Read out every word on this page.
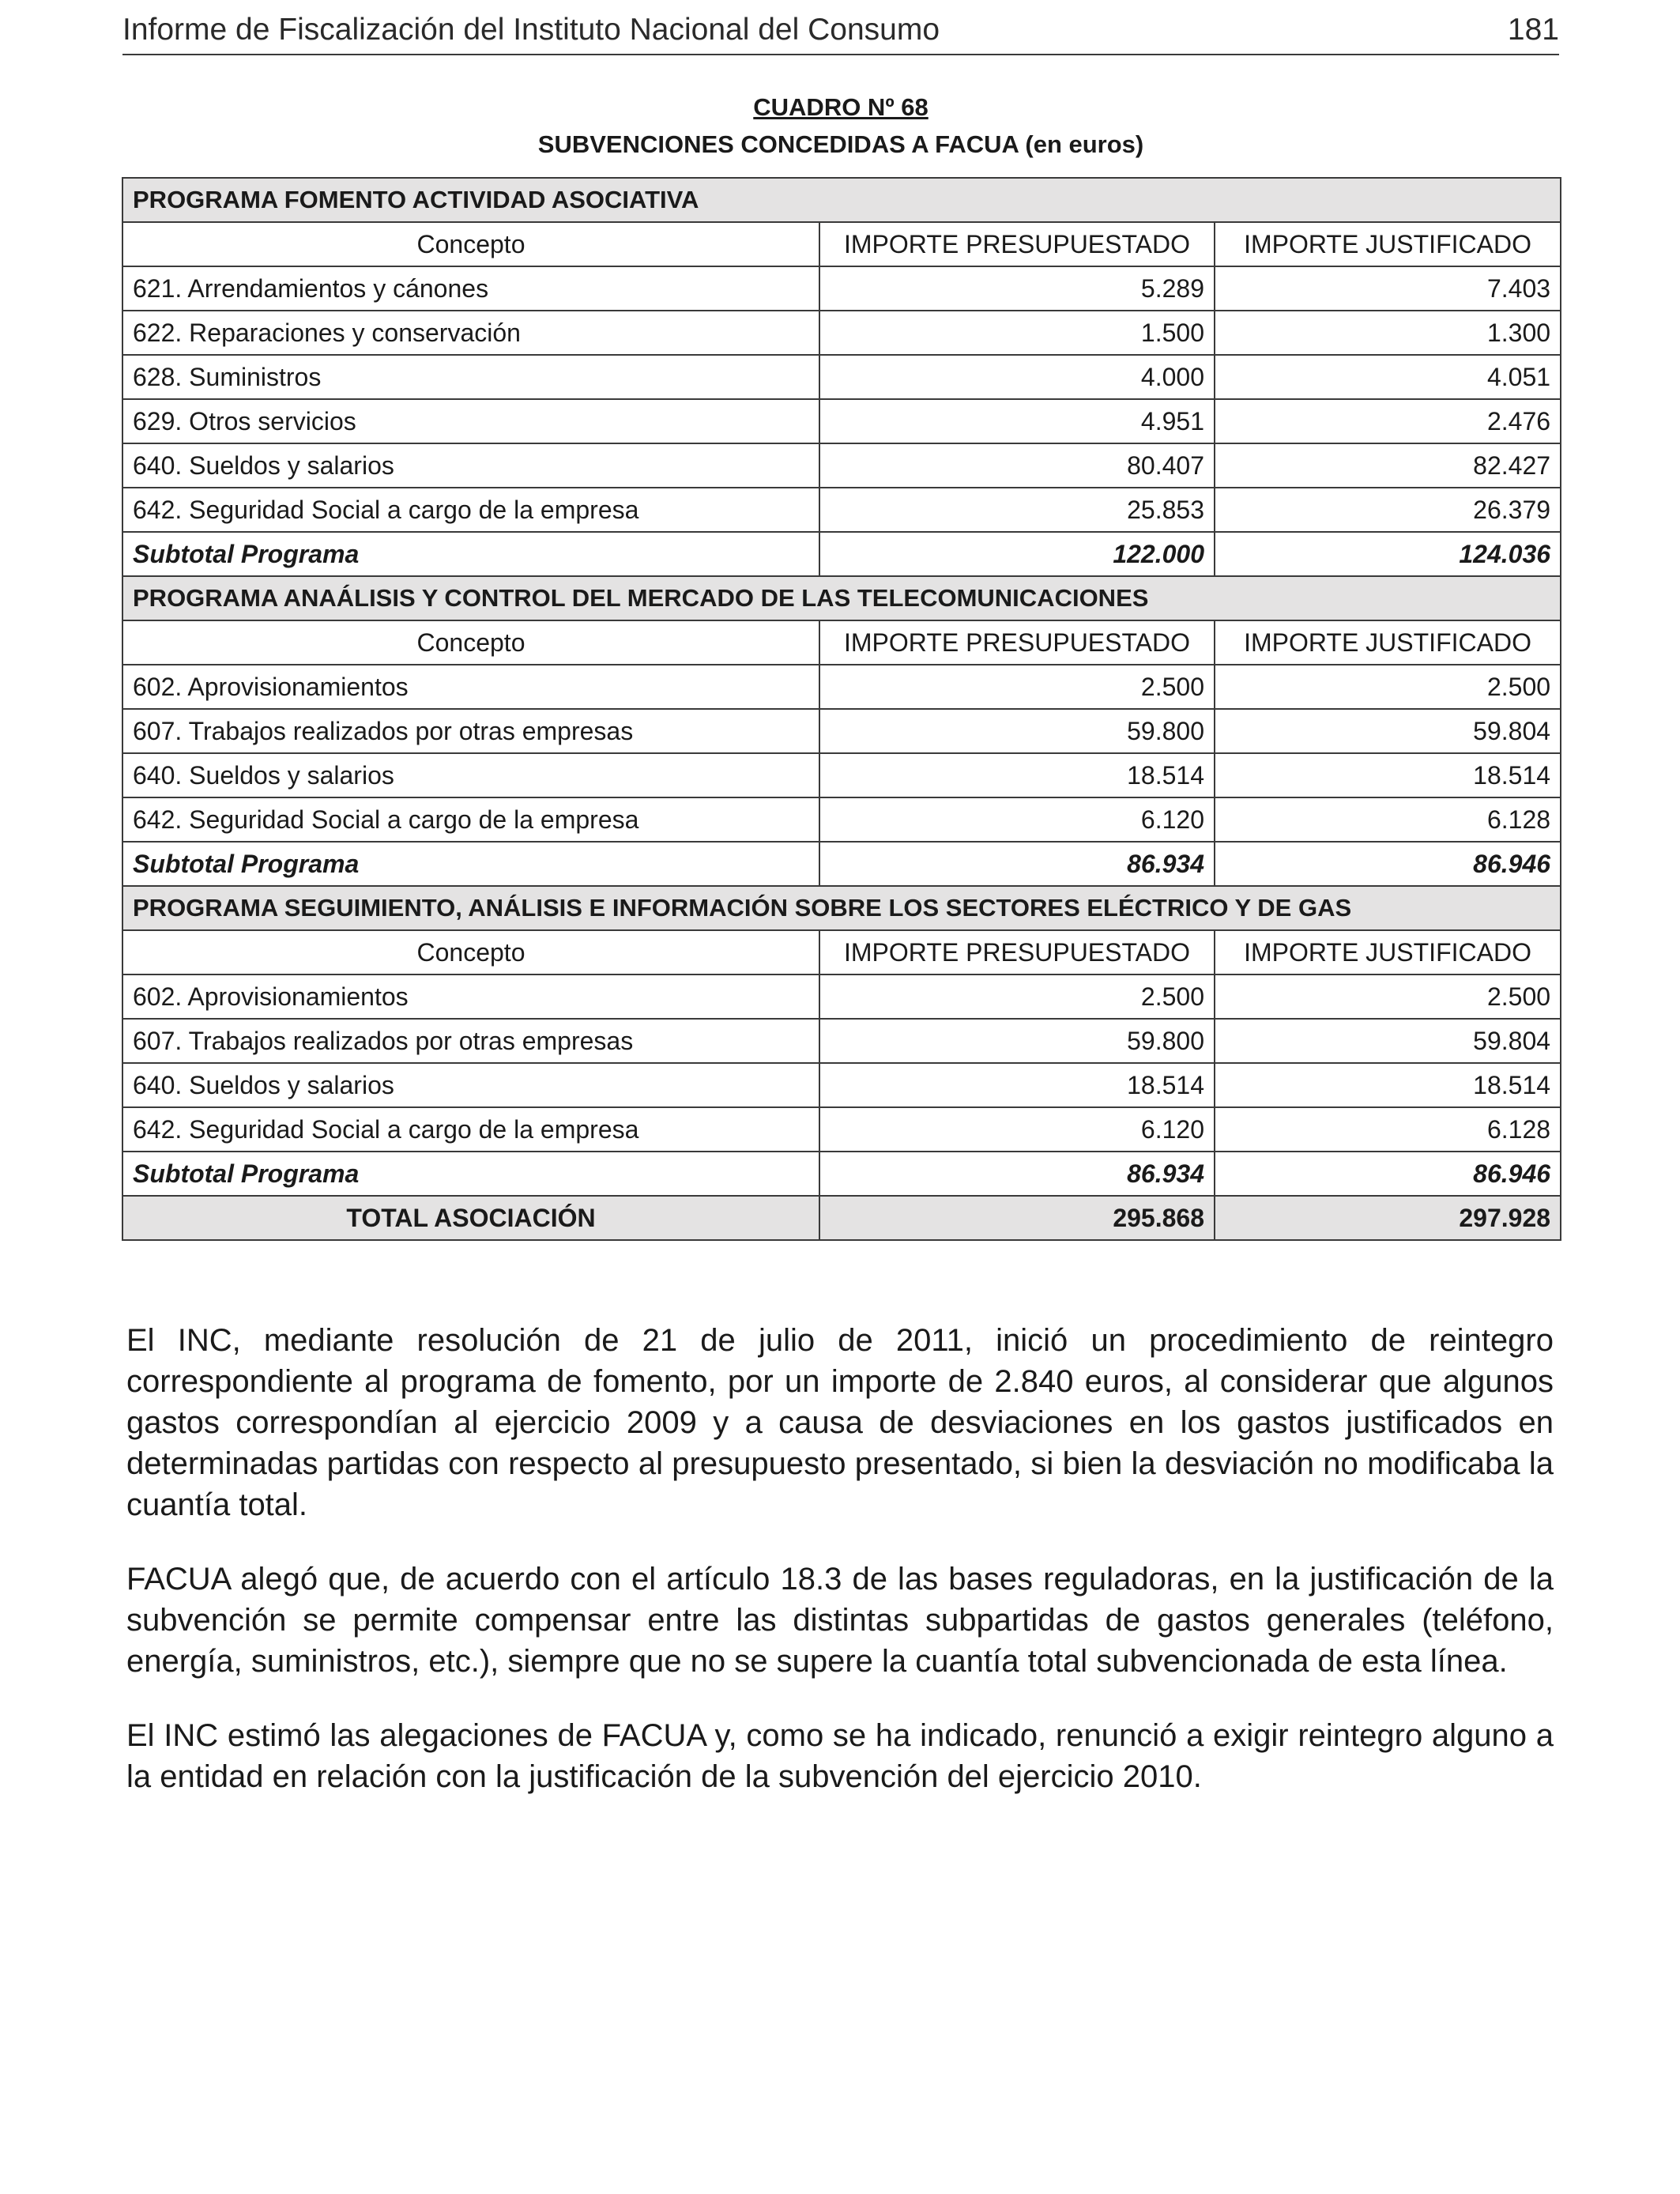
Informe de Fiscalización del Instituto Nacional del Consumo	181
CUADRO Nº 68
SUBVENCIONES CONCEDIDAS A FACUA (en euros)
PROGRAMA FOMENTO ACTIVIDAD ASOCIATIVA		
Concepto	IMPORTE PRESUPUESTADO	IMPORTE JUSTIFICADO
621. Arrendamientos y cánones	5.289	7.403
622. Reparaciones y conservación	1.500	1.300
628. Suministros	4.000	4.051
629. Otros servicios	4.951	2.476
640. Sueldos y salarios	80.407	82.427
642. Seguridad Social a cargo de la empresa	25.853	26.379
Subtotal Programa	122.000	124.036
PROGRAMA ANAÁLISIS Y CONTROL DEL MERCADO DE LAS TELECOMUNICACIONES		
Concepto	IMPORTE PRESUPUESTADO	IMPORTE JUSTIFICADO
602. Aprovisionamientos	2.500	2.500
607. Trabajos realizados por otras empresas	59.800	59.804
640. Sueldos y salarios	18.514	18.514
642. Seguridad Social a cargo de la empresa	6.120	6.128
Subtotal Programa	86.934	86.946
PROGRAMA SEGUIMIENTO, ANÁLISIS E INFORMACIÓN SOBRE LOS SECTORES ELÉCTRICO Y DE GAS		
Concepto	IMPORTE PRESUPUESTADO	IMPORTE JUSTIFICADO
602. Aprovisionamientos	2.500	2.500
607. Trabajos realizados por otras empresas	59.800	59.804
640. Sueldos y salarios	18.514	18.514
642. Seguridad Social a cargo de la empresa	6.120	6.128
Subtotal Programa	86.934	86.946
TOTAL ASOCIACIÓN	295.868	297.928

El INC, mediante resolución de 21 de julio de 2011, inició un procedimiento de reintegro correspondiente al programa de fomento, por un importe de 2.840 euros, al considerar que algunos gastos correspondían al ejercicio 2009 y a causa de desviaciones en los gastos justificados en determinadas partidas con respecto al presupuesto presentado, si bien la desviación no modificaba la cuantía total.

FACUA alegó que, de acuerdo con el artículo 18.3 de las bases reguladoras, en la justificación de la subvención se permite compensar entre las distintas subpartidas de gastos generales (teléfono, energía, suministros, etc.), siempre que no se supere la cuantía total subvencionada de esta línea.

El INC estimó las alegaciones de FACUA y, como se ha indicado, renunció a exigir reintegro alguno a la entidad en relación con la justificación de la subvención del ejercicio 2010.
